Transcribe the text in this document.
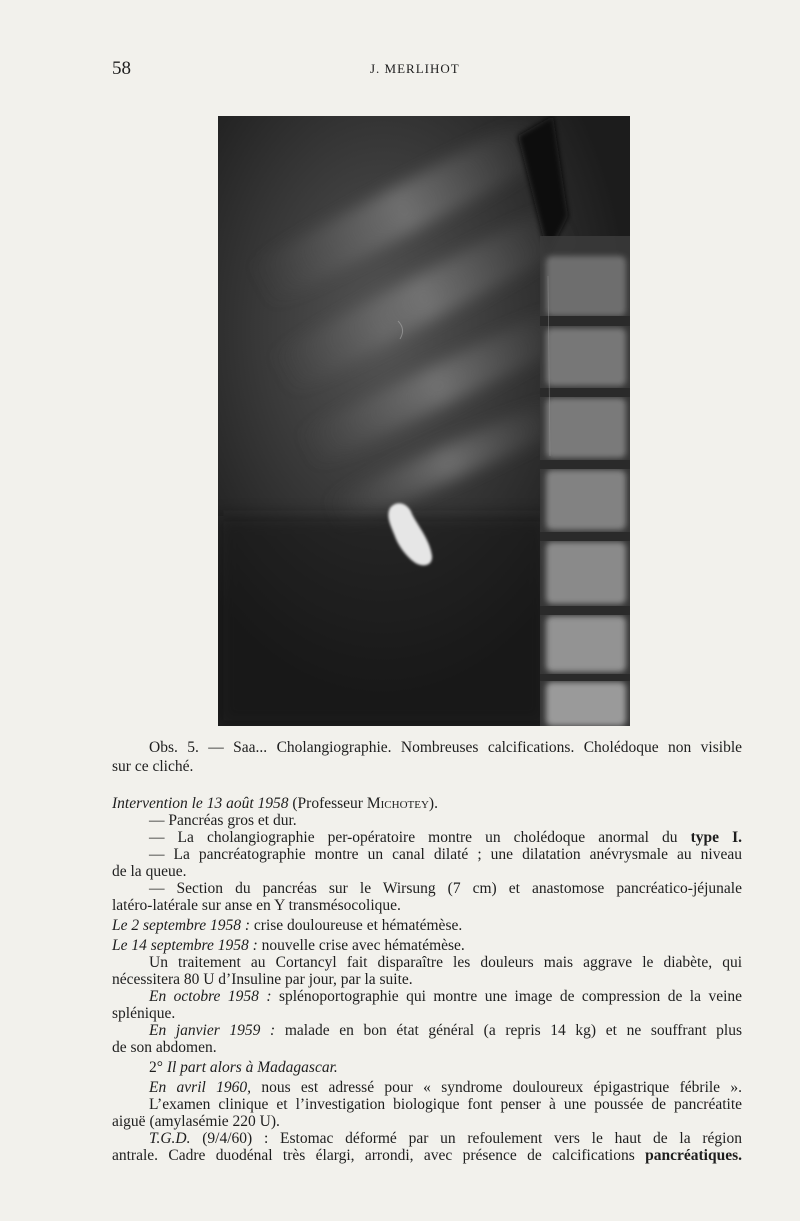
58	J. MERLIHOT
Obs. 5. — Saa... Cholangiographie. Nombreuses calcifications. Cholédoque non visible
sur ce cliché.

Intervention le 13 août 1958 (Professeur Michotey).

— Pancréas gros et dur.

— La cholangiographie per-opératoire montre un cholédoque anormal du type I.

— La pancréatographie montre un canal dilaté ; une dilatation anévrysmale au niveau

de la queue.

— Section du pancréas sur le Wirsung (7 cm) et anastomose pancréatico-jéjunale

latéro-latérale sur anse en Y transmésocolique.

Le 2 septembre 1958 : crise douloureuse et hématémèse.

Le 14 septembre 1958 : nouvelle crise avec hématémèse.

Un traitement au Cortancyl fait disparaître les douleurs mais aggrave le diabète, qui

nécessitera 80 U d’Insuline par jour, par la suite.

En octobre 1958 : splénoportographie qui montre une image de compression de la veine

splénique.

En janvier 1959 : malade en bon état général (a repris 14 kg) et ne souffrant plus

de son abdomen.

2° Il part alors à Madagascar.

En avril 1960, nous est adressé pour « syndrome douloureux épigastrique fébrile ».

L’examen clinique et l’investigation biologique font penser à une poussée de pancréatite

aiguë (amylasémie 220 U).

T.G.D. (9/4/60) : Estomac déformé par un refoulement vers le haut de la région

antrale. Cadre duodénal très élargi, arrondi, avec présence de calcifications pancréatiques.
